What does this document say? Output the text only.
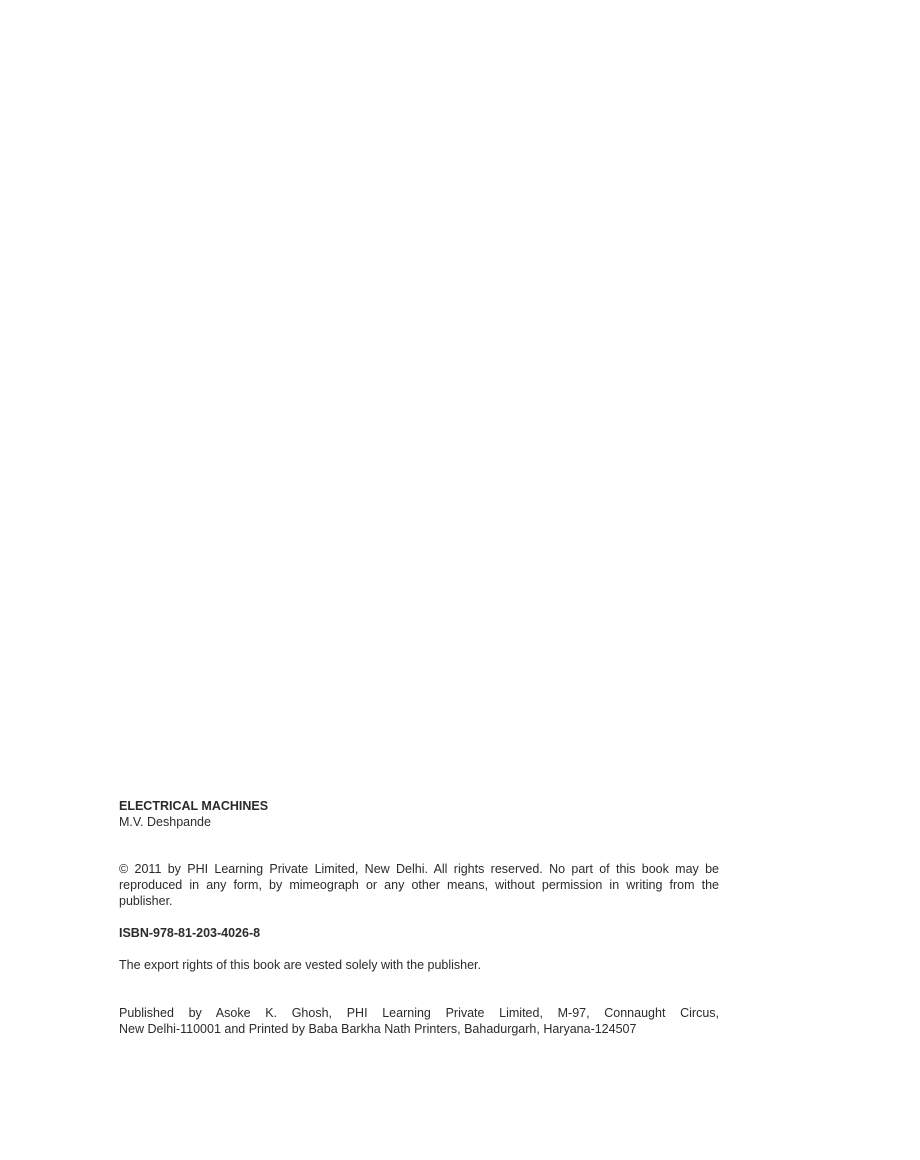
ELECTRICAL MACHINES

M.V. Deshpande

© 2011 by PHI Learning Private Limited, New Delhi. All rights reserved. No part of this book may be reproduced in any form, by mimeograph or any other means, without permission in writing from the publisher.

ISBN-978-81-203-4026-8

The export rights of this book are vested solely with the publisher.

Published by Asoke K. Ghosh, PHI Learning Private Limited, M-97, Connaught Circus,
New Delhi-110001 and Printed by Baba Barkha Nath Printers, Bahadurgarh, Haryana-124507
